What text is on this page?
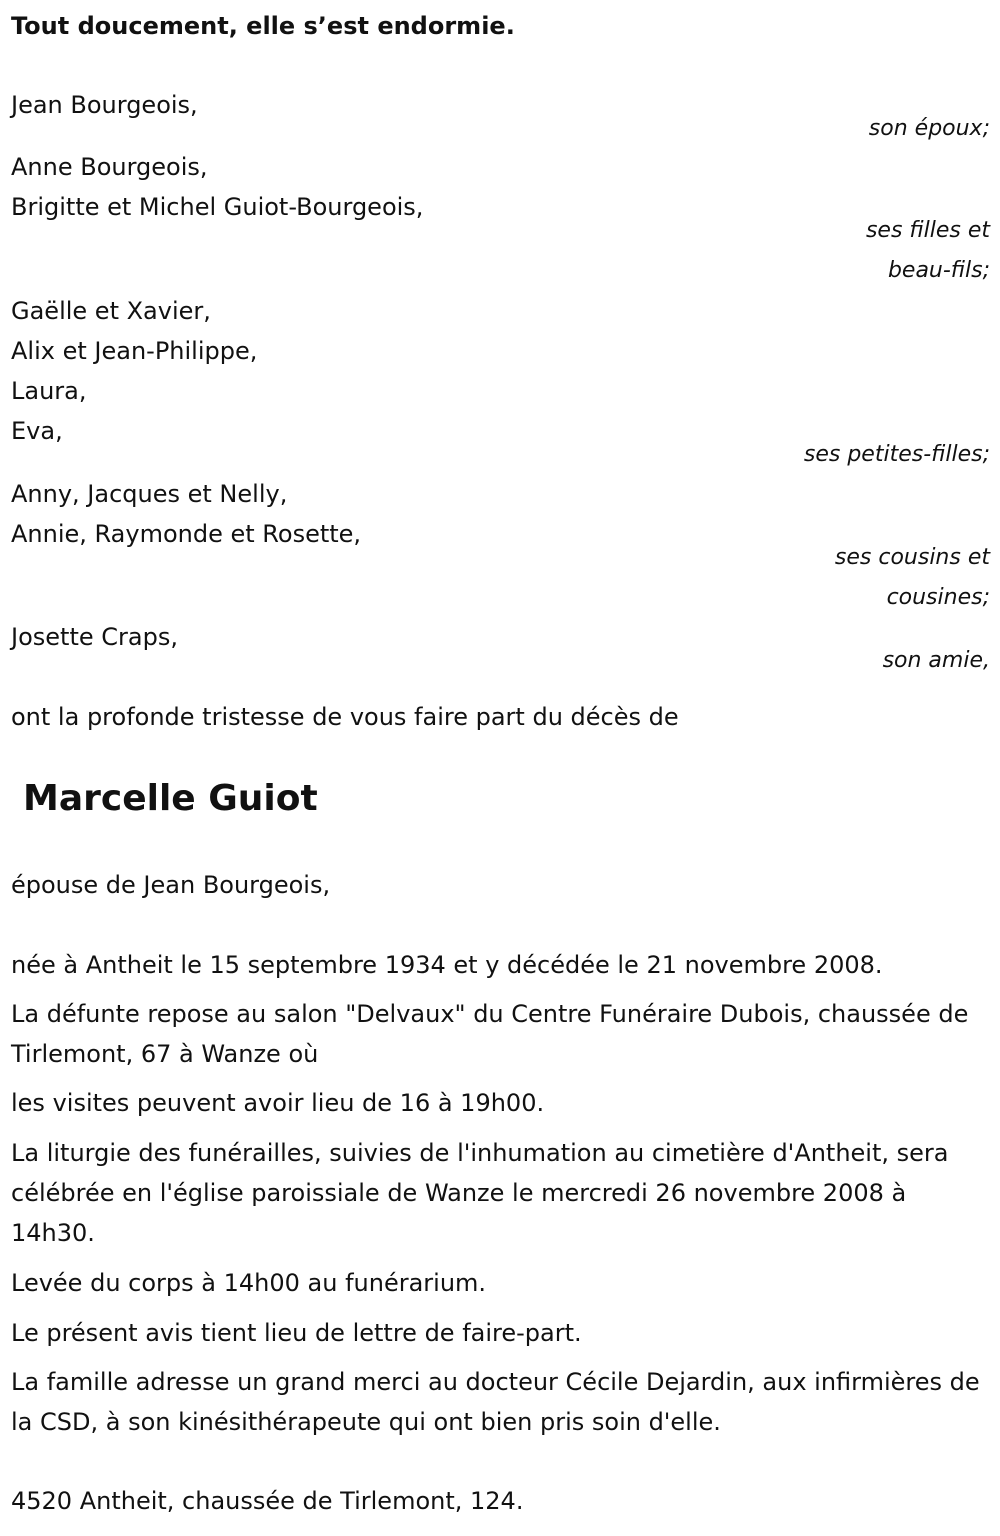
Tout doucement, elle s’est endormie.

Jean Bourgeois,

son époux;

Anne Bourgeois,

Brigitte et Michel Guiot-Bourgeois,

ses filles et

beau-fils;

Gaëlle et Xavier,

Alix et Jean-Philippe,

Laura,

Eva,

ses petites-filles;

Anny, Jacques et Nelly,

Annie, Raymonde et Rosette,

ses cousins et

cousines;

Josette Craps,

son amie,

ont la profonde tristesse de vous faire part du décès de

Marcelle Guiot

épouse de Jean Bourgeois,

née à Antheit le 15 septembre 1934 et y décédée le 21 novembre 2008.

La défunte repose au salon "Delvaux" du Centre Funéraire Dubois, chaussée de Tirlemont, 67 à Wanze où

les visites peuvent avoir lieu de 16 à 19h00.

La liturgie des funérailles, suivies de l'inhumation au cimetière d'Antheit, sera célébrée en l'église paroissiale de Wanze le mercredi 26 novembre 2008 à 14h30.

Levée du corps à 14h00 au funérarium.

Le présent avis tient lieu de lettre de faire-part.

La famille adresse un grand merci au docteur Cécile Dejardin, aux infirmières de la CSD, à son kinésithérapeute qui ont bien pris soin d'elle.

4520 Antheit, chaussée de Tirlemont, 124.
